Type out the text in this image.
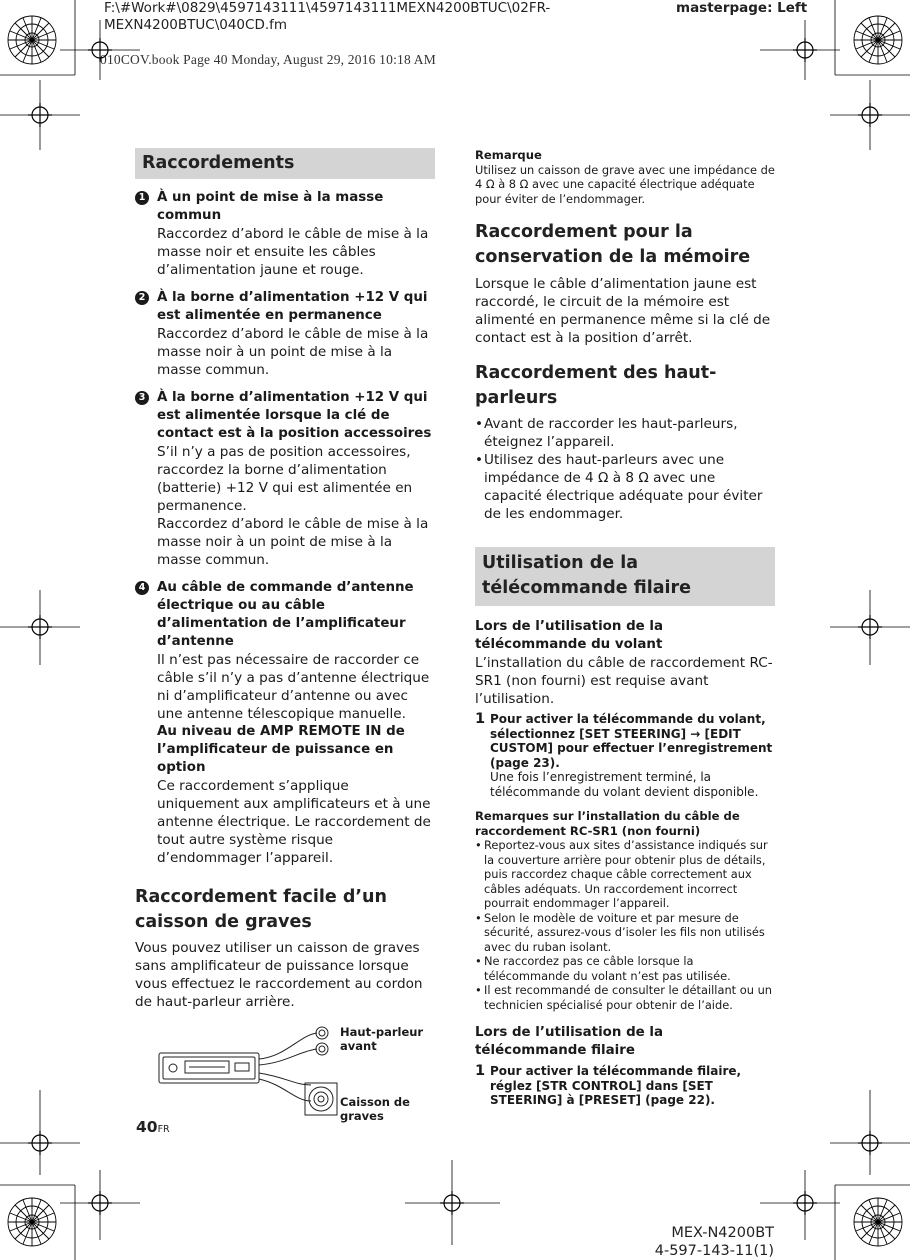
F:\#Work#\0829\4597143111\4597143111MEXN4200BTUC\02FR-MEXN4200BTUC\040CD.fm
masterpage: Left
010COV.book Page 40 Monday, August 29, 2016 10:18 AM
Raccordements
1 À un point de mise à la masse commun
Raccordez d’abord le câble de mise à la masse noir et ensuite les câbles d’alimentation jaune et rouge.
2 À la borne d’alimentation +12 V qui est alimentée en permanence
Raccordez d’abord le câble de mise à la masse noir à un point de mise à la masse commun.
3 À la borne d’alimentation +12 V qui est alimentée lorsque la clé de contact est à la position accessoires
S’il n’y a pas de position accessoires, raccordez la borne d’alimentation (batterie) +12 V qui est alimentée en permanence.
Raccordez d’abord le câble de mise à la masse noir à un point de mise à la masse commun.
4 Au câble de commande d’antenne électrique ou au câble d’alimentation de l’amplificateur d’antenne
Il n’est pas nécessaire de raccorder ce câble s’il n’y a pas d’antenne électrique ni d’amplificateur d’antenne ou avec une antenne télescopique manuelle.
Au niveau de AMP REMOTE IN de l’amplificateur de puissance en option
Ce raccordement s’applique uniquement aux amplificateurs et à une antenne électrique. Le raccordement de tout autre système risque d’endommager l’appareil.
Raccordement facile d’un caisson de graves
Vous pouvez utiliser un caisson de graves sans amplificateur de puissance lorsque vous effectuez le raccordement au cordon de haut-parleur arrière.
Haut-parleur avant
Caisson de graves
Remarque
Utilisez un caisson de grave avec une impédance de 4 Ω à 8 Ω avec une capacité électrique adéquate pour éviter de l’endommager.
Raccordement pour la conservation de la mémoire
Lorsque le câble d’alimentation jaune est raccordé, le circuit de la mémoire est alimenté en permanence même si la clé de contact est à la position d’arrêt.
Raccordement des haut-parleurs
• Avant de raccorder les haut-parleurs, éteignez l’appareil.
• Utilisez des haut-parleurs avec une impédance de 4 Ω à 8 Ω avec une capacité électrique adéquate pour éviter de les endommager.
Utilisation de la télécommande filaire
Lors de l’utilisation de la télécommande du volant
L’installation du câble de raccordement RC-SR1 (non fourni) est requise avant l’utilisation.
1 Pour activer la télécommande du volant, sélectionnez [SET STEERING] → [EDIT CUSTOM] pour effectuer l’enregistrement (page 23).
Une fois l’enregistrement terminé, la télécommande du volant devient disponible.
Remarques sur l’installation du câble de raccordement RC-SR1 (non fourni)
• Reportez-vous aux sites d’assistance indiqués sur la couverture arrière pour obtenir plus de détails, puis raccordez chaque câble correctement aux câbles adéquats. Un raccordement incorrect pourrait endommager l’appareil.
• Selon le modèle de voiture et par mesure de sécurité, assurez-vous d’isoler les fils non utilisés avec du ruban isolant.
• Ne raccordez pas ce câble lorsque la télécommande du volant n’est pas utilisée.
• Il est recommandé de consulter le détaillant ou un technicien spécialisé pour obtenir de l’aide.
Lors de l’utilisation de la télécommande filaire
1 Pour activer la télécommande filaire, réglez [STR CONTROL] dans [SET STEERING] à [PRESET] (page 22).
40FR
MEX-N4200BT
4-597-143-11(1)
